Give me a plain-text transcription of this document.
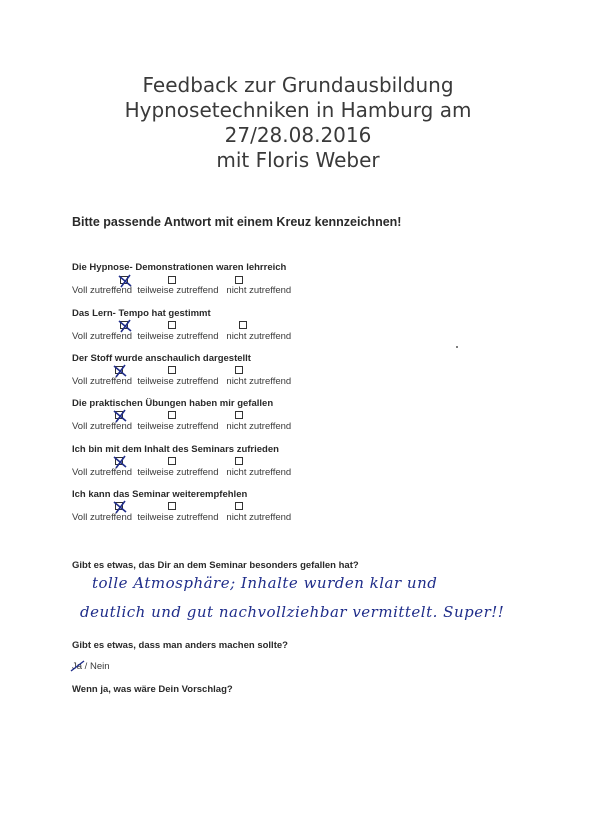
Feedback zur Grundausbildung
Hypnosetechniken in Hamburg am
27/28.08.2016
mit Floris Weber
Bitte passende Antwort mit einem Kreuz kennzeichnen!
Die Hypnose- Demonstrationen waren lehrreich
Voll zutreffend teilweise zutreffend nicht zutreffend
Das Lern- Tempo hat gestimmt
Voll zutreffend teilweise zutreffend nicht zutreffend
Der Stoff wurde anschaulich dargestellt
Voll zutreffend teilweise zutreffend nicht zutreffend
Die praktischen Übungen haben mir gefallen
Voll zutreffend teilweise zutreffend nicht zutreffend
Ich bin mit dem Inhalt des Seminars zufrieden
Voll zutreffend teilweise zutreffend nicht zutreffend
Ich kann das Seminar weiterempfehlen
Voll zutreffend teilweise zutreffend nicht zutreffend
Gibt es etwas, das Dir an dem Seminar besonders gefallen hat?
tolle Atmosphäre; Inhalte wurden klar und
deutlich und gut nachvollziehbar vermittelt. Super!!
Gibt es etwas, dass man anders machen sollte?
Ja
/ Nein
Wenn ja, was wäre Dein Vorschlag?
